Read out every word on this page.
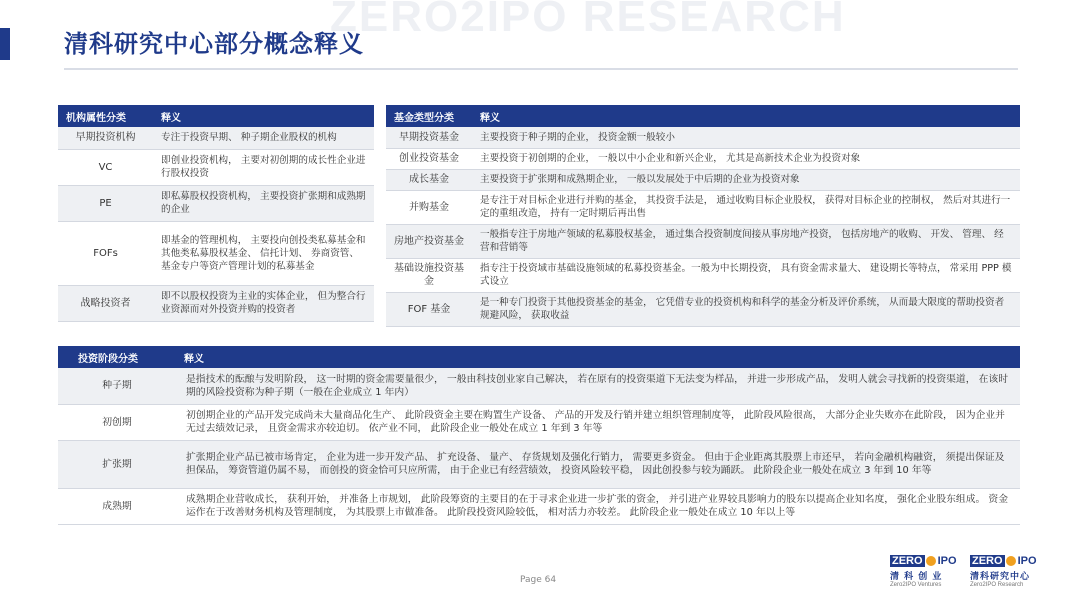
ZERO2IPO RESEARCH
清科研究中心部分概念释义
机构属性分类	释义
早期投资机构	专注于投资早期、 种子期企业股权的机构
VC	即创业投资机构， 主要对初创期的成长性企业进行股权投资
PE	即私募股权投资机构， 主要投资扩张期和成熟期的企业
FOFs	即基金的管理机构， 主要投向创投类私募基金和其他类私募股权基金、 信托计划、 券商资管、 基金专户等资产管理计划的私募基金
战略投资者	即不以股权投资为主业的实体企业， 但为整合行业资源而对外投资并购的投资者
基金类型分类	释义
早期投资基金	主要投资于种子期的企业， 投资金额一般较小
创业投资基金	主要投资于初创期的企业， 一般以中小企业和新兴企业， 尤其是高新技术企业为投资对象
成长基金	主要投资于扩张期和成熟期企业， 一般以发展处于中后期的企业为投资对象
并购基金	是专注于对目标企业进行并购的基金， 其投资手法是， 通过收购目标企业股权， 获得对目标企业的控制权， 然后对其进行一定的重组改造， 持有一定时期后再出售
房地产投资基金	一般指专注于房地产领域的私募股权基金， 通过集合投资制度间接从事房地产投资， 包括房地产的收购、 开发、 管理、 经营和营销等
基础设施投资基金	指专注于投资域市基础设施领域的私募投资基金。一般为中长期投资， 具有资金需求量大、 建设期长等特点， 常采用 PPP 模式设立
FOF 基金	是一种专门投资于其他投资基金的基金， 它凭借专业的投资机构和科学的基金分析及评价系统， 从而最大限度的帮助投资者规避风险， 获取收益
投资阶段分类	释义
种子期	是指技术的酝酿与发明阶段， 这一时期的资金需要量很少， 一般由科技创业家自己解决， 若在原有的投资渠道下无法变为样品， 并进一步形成产品， 发明人就会寻找新的投资渠道， 在该时期的风险投资称为种子期（一般在企业成立 1 年内）
初创期	初创期企业的产品开发完成尚未大量商品化生产、 此阶段资金主要在购置生产设备、 产品的开发及行销并建立组织管理制度等， 此阶段风险很高， 大部分企业失败亦在此阶段， 因为企业并无过去绩效记录， 且资金需求亦较迫切。 依产业不同， 此阶段企业一般处在成立 1 年到 3 年等
扩张期	扩张期企业产品已被市场肯定， 企业为进一步开发产品、 扩充设备、 量产、 存货规划及强化行销力， 需要更多资金。 但由于企业距离其股票上市还早， 若向金融机构融资， 须提出保证及担保品， 筹资管道仍属不易， 而创投的资金恰可只应所需， 由于企业已有经营绩效， 投资风险较平稳， 因此创投参与较为踊跃。 此阶段企业一般处在成立 3 年到 10 年等
成熟期	成熟期企业营收成长， 获利开始， 并准备上市规划， 此阶段筹资的主要目的在于寻求企业进一步扩张的资金， 并引进产业界较具影响力的股东以提高企业知名度， 强化企业股东组成。 资金运作在于改善财务机构及管理制度， 为其股票上市做准备。 此阶段投资风险较低， 相对活力亦较差。 此阶段企业一般处在成立 10 年以上等
Page 64
ZERO IPO
清 科 创 业
Zero2IPO Ventures
ZERO IPO
清科研究中心
Zero2IPO Research
